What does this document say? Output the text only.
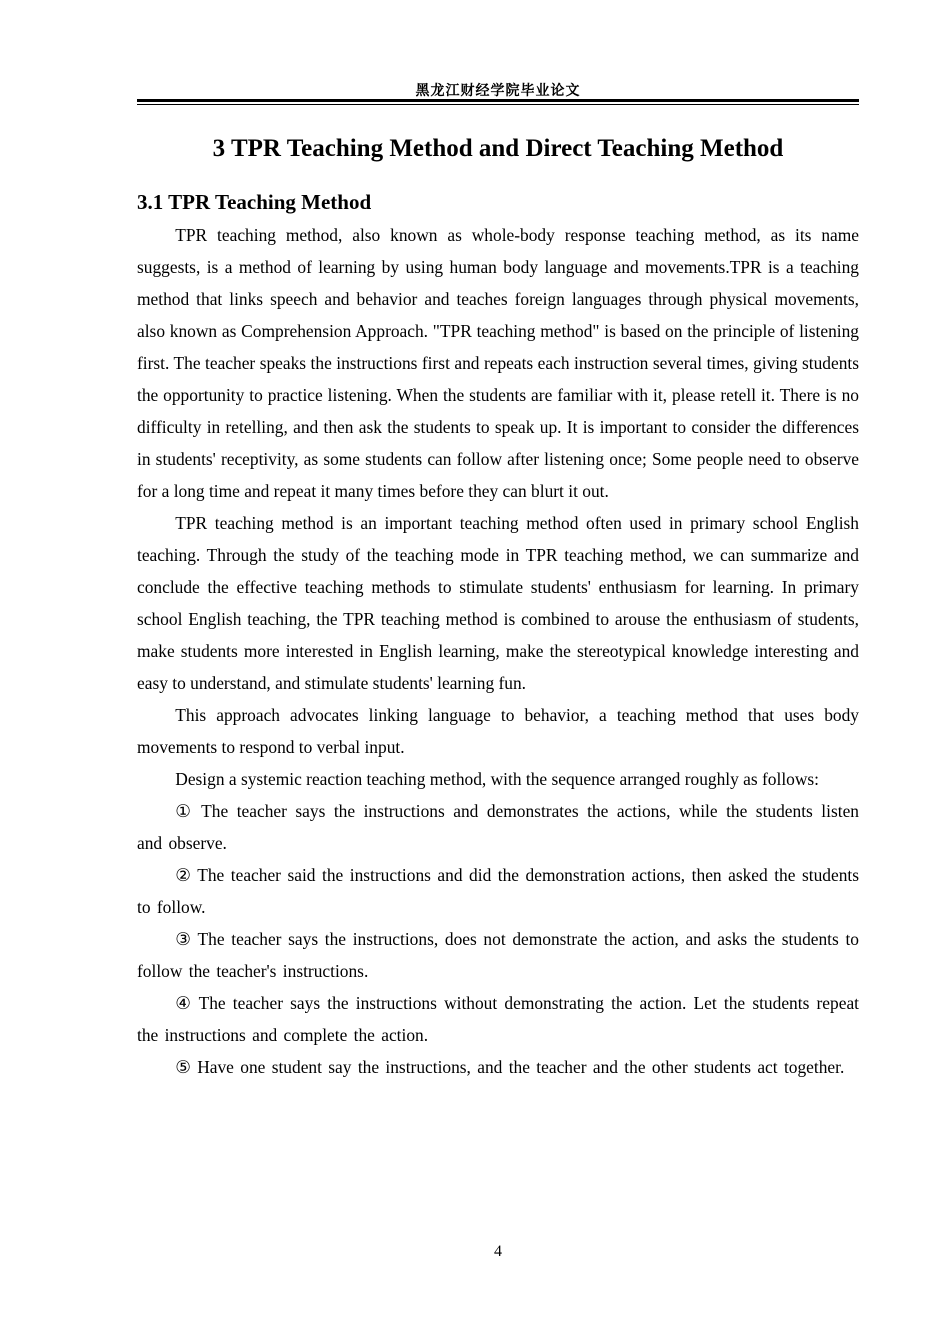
黑龙江财经学院毕业论文
3 TPR Teaching Method and Direct Teaching Method
3.1 TPR Teaching Method

TPR teaching method, also known as whole-body response teaching method, as its name suggests, is a method of learning by using human body language and movements.TPR is a teaching method that links speech and behavior and teaches foreign languages through physical movements, also known as Comprehension Approach. "TPR teaching method" is based on the principle of listening first. The teacher speaks the instructions first and repeats each instruction several times, giving students the opportunity to practice listening. When the students are familiar with it, please retell it. There is no difficulty in retelling, and then ask the students to speak up. It is important to consider the differences in students' receptivity, as some students can follow after listening once; Some people need to observe for a long time and repeat it many times before they can blurt it out.

TPR teaching method is an important teaching method often used in primary school English teaching. Through the study of the teaching mode in TPR teaching method, we can summarize and conclude the effective teaching methods to stimulate students' enthusiasm for learning. In primary school English teaching, the TPR teaching method is combined to arouse the enthusiasm of students, make students more interested in English learning, make the stereotypical knowledge interesting and easy to understand, and stimulate students' learning fun.

This approach advocates linking language to behavior, a teaching method that uses body movements to respond to verbal input.

Design a systemic reaction teaching method, with the sequence arranged roughly as follows:

① The teacher says the instructions and demonstrates the actions, while the students listen and observe.

② The teacher said the instructions and did the demonstration actions, then asked the students to follow.

③ The teacher says the instructions, does not demonstrate the action, and asks the students to follow the teacher's instructions.

④ The teacher says the instructions without demonstrating the action. Let the students repeat the instructions and complete the action.

⑤ Have one student say the instructions, and the teacher and the other students act together.

4
